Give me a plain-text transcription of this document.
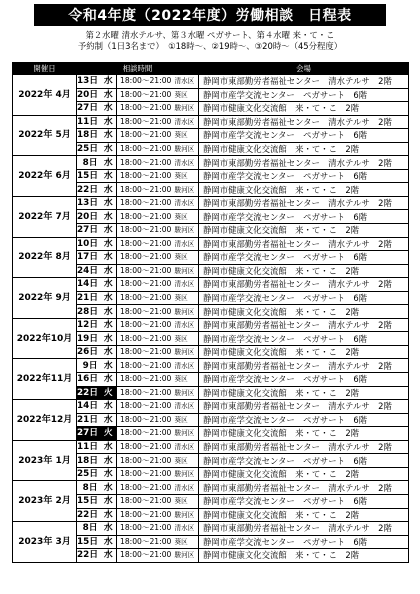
令和4年度（2022年度）労働相談　日程表
第２水曜 清水テルサ、第３水曜 ペガサート、第４水曜 来・て・こ
予約制（1日3名まで）　①18時～、②19時～、③20時～（45分程度）
開催日	相談時間				会場
2022年 4月	13日	水	18:00～21:00	清水区	静岡市東部勤労者福祉センター　清水テルサ　2階
	20日	水	18:00～21:00	葵区	静岡市産学交流センター　ペガサート　6階
	27日	水	18:00～21:00	駿河区	静岡市健康文化交流館　来・て・こ　2階
2022年 5月	11日	水	18:00～21:00	清水区	静岡市東部勤労者福祉センター　清水テルサ　2階
	18日	水	18:00～21:00	葵区	静岡市産学交流センター　ペガサート　6階
	25日	水	18:00～21:00	駿河区	静岡市健康文化交流館　来・て・こ　2階
2022年 6月	8日	水	18:00～21:00	清水区	静岡市東部勤労者福祉センター　清水テルサ　2階
	15日	水	18:00～21:00	葵区	静岡市産学交流センター　ペガサート　6階
	22日	水	18:00～21:00	駿河区	静岡市健康文化交流館　来・て・こ　2階
2022年 7月	13日	水	18:00～21:00	清水区	静岡市東部勤労者福祉センター　清水テルサ　2階
	20日	水	18:00～21:00	葵区	静岡市産学交流センター　ペガサート　6階
	27日	水	18:00～21:00	駿河区	静岡市健康文化交流館　来・て・こ　2階
2022年 8月	10日	水	18:00～21:00	清水区	静岡市東部勤労者福祉センター　清水テルサ　2階
	17日	水	18:00～21:00	葵区	静岡市産学交流センター　ペガサート　6階
	24日	水	18:00～21:00	駿河区	静岡市健康文化交流館　来・て・こ　2階
2022年 9月	14日	水	18:00～21:00	清水区	静岡市東部勤労者福祉センター　清水テルサ　2階
	21日	水	18:00～21:00	葵区	静岡市産学交流センター　ペガサート　6階
	28日	水	18:00～21:00	駿河区	静岡市健康文化交流館　来・て・こ　2階
2022年10月	12日	水	18:00～21:00	清水区	静岡市東部勤労者福祉センター　清水テルサ　2階
	19日	水	18:00～21:00	葵区	静岡市産学交流センター　ペガサート　6階
	26日	水	18:00～21:00	駿河区	静岡市健康文化交流館　来・て・こ　2階
2022年11月	9日	水	18:00～21:00	清水区	静岡市東部勤労者福祉センター　清水テルサ　2階
	16日	水	18:00～21:00	葵区	静岡市産学交流センター　ペガサート　6階
	22日	火	18:00～21:00	駿河区	静岡市健康文化交流館　来・て・こ　2階
2022年12月	14日	水	18:00～21:00	清水区	静岡市東部勤労者福祉センター　清水テルサ　2階
	21日	水	18:00～21:00	葵区	静岡市産学交流センター　ペガサート　6階
	27日	火	18:00～21:00	駿河区	静岡市健康文化交流館　来・て・こ　2階
2023年 1月	11日	水	18:00～21:00	清水区	静岡市東部勤労者福祉センター　清水テルサ　2階
	18日	水	18:00～21:00	葵区	静岡市産学交流センター　ペガサート　6階
	25日	水	18:00～21:00	駿河区	静岡市健康文化交流館　来・て・こ　2階
2023年 2月	8日	水	18:00～21:00	清水区	静岡市東部勤労者福祉センター　清水テルサ　2階
	15日	水	18:00～21:00	葵区	静岡市産学交流センター　ペガサート　6階
	22日	水	18:00～21:00	駿河区	静岡市健康文化交流館　来・て・こ　2階
2023年 3月	8日	水	18:00～21:00	清水区	静岡市東部勤労者福祉センター　清水テルサ　2階
	15日	水	18:00～21:00	葵区	静岡市産学交流センター　ペガサート　6階
	22日	水	18:00～21:00	駿河区	静岡市健康文化交流館　来・て・こ　2階
